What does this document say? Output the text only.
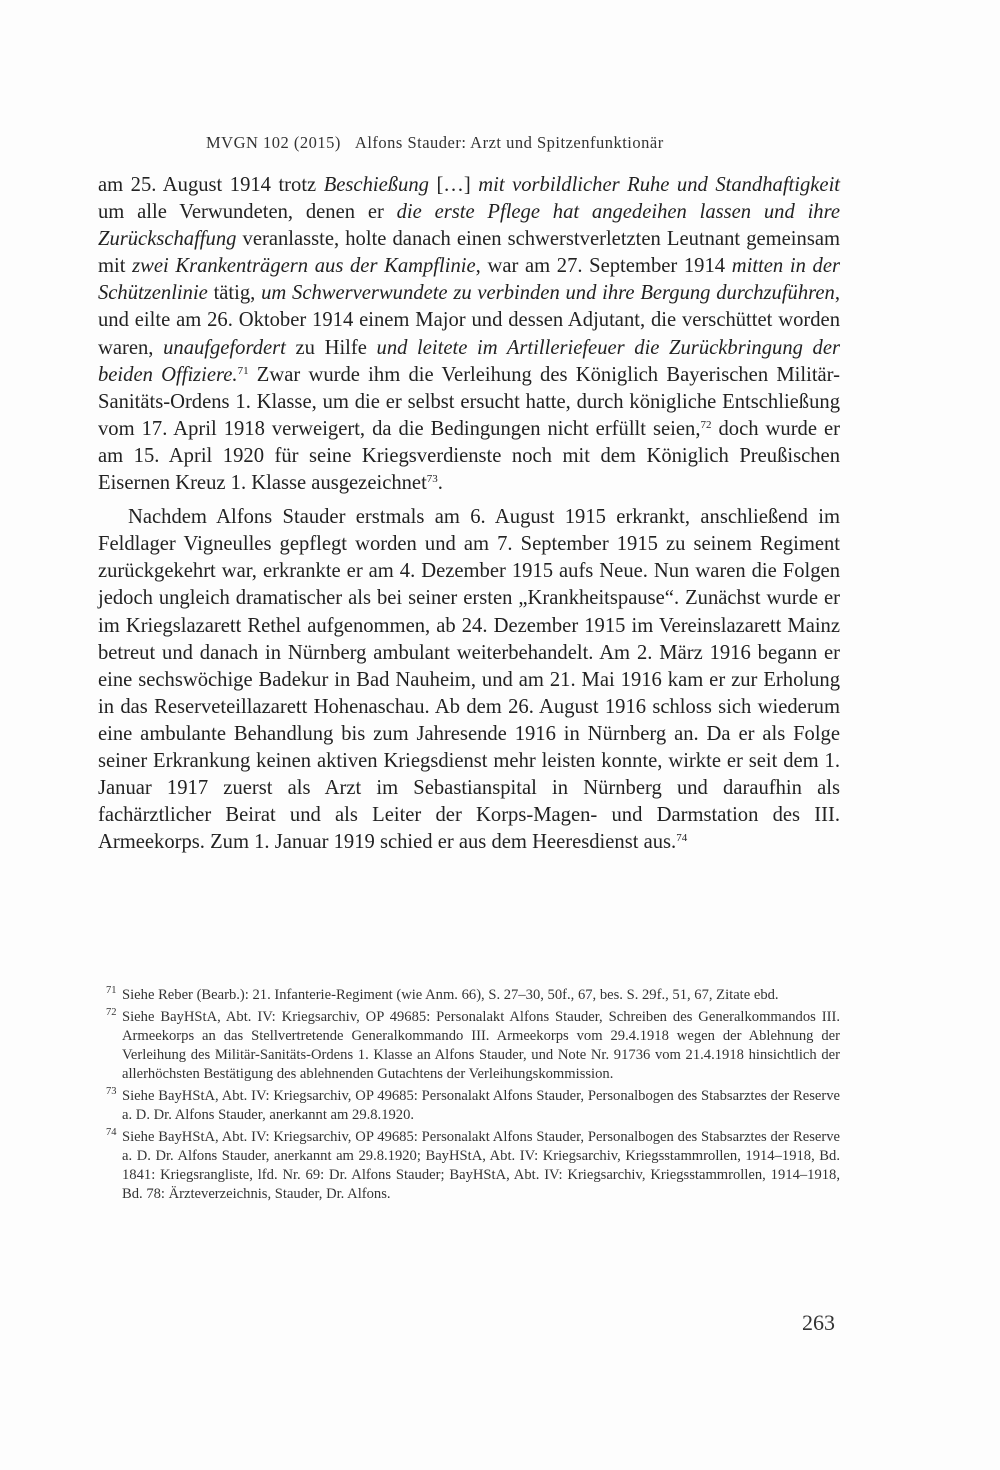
MVGN 102 (2015) Alfons Stauder: Arzt und Spitzenfunktionär

am 25. August 1914 trotz Beschießung […] mit vorbildlicher Ruhe und Standhaftigkeit um alle Verwundeten, denen er die erste Pflege hat angedeihen lassen und ihre Zurückschaffung veranlasste, holte danach einen schwerstverletzten Leutnant gemeinsam mit zwei Krankenträgern aus der Kampflinie, war am 27. September 1914 mitten in der Schützenlinie tätig, um Schwerverwundete zu verbinden und ihre Bergung durchzuführen, und eilte am 26. Oktober 1914 einem Major und dessen Adjutant, die verschüttet worden waren, unaufgefordert zu Hilfe und leitete im Artilleriefeuer die Zurückbringung der beiden Offiziere.$^{71}$ Zwar wurde ihm die Verleihung des Königlich Bayerischen Militär-Sanitäts-Ordens 1. Klasse, um die er selbst ersucht hatte, durch königliche Entschließung vom 17. April 1918 verweigert, da die Bedingungen nicht erfüllt seien,$^{72}$ doch wurde er am 15. April 1920 für seine Kriegsverdienste noch mit dem Königlich Preußischen Eisernen Kreuz 1. Klasse ausgezeichnet$^{73}$.

Nachdem Alfons Stauder erstmals am 6. August 1915 erkrankt, anschließend im Feldlager Vigneulles gepflegt worden und am 7. September 1915 zu seinem Regiment zurückgekehrt war, erkrankte er am 4. Dezember 1915 aufs Neue. Nun waren die Folgen jedoch ungleich dramatischer als bei seiner ersten „Krankheitspause“. Zunächst wurde er im Kriegslazarett Rethel aufgenommen, ab 24. Dezember 1915 im Vereinslazarett Mainz betreut und danach in Nürnberg ambulant weiterbehandelt. Am 2. März 1916 begann er eine sechswöchige Badekur in Bad Nauheim, und am 21. Mai 1916 kam er zur Erholung in das Reserveteillazarett Hohenaschau. Ab dem 26. August 1916 schloss sich wiederum eine ambulante Behandlung bis zum Jahresende 1916 in Nürnberg an. Da er als Folge seiner Erkrankung keinen aktiven Kriegsdienst mehr leisten konnte, wirkte er seit dem 1. Januar 1917 zuerst als Arzt im Sebastianspital in Nürnberg und daraufhin als fachärztlicher Beirat und als Leiter der Korps-Magen- und Darmstation des III. Armeekorps. Zum 1. Januar 1919 schied er aus dem Heeresdienst aus.$^{74}$

71 Siehe Reber (Bearb.): 21. Infanterie-Regiment (wie Anm. 66), S. 27–30, 50f., 67, bes. S. 29f., 51, 67, Zitate ebd.
72 Siehe BayHStA, Abt. IV: Kriegsarchiv, OP 49685: Personalakt Alfons Stauder, Schreiben des Generalkommandos III. Armeekorps an das Stellvertretende Generalkommando III. Armeekorps vom 29.4.1918 wegen der Ablehnung der Verleihung des Militär-Sanitäts-Ordens 1. Klasse an Alfons Stauder, und Note Nr. 91736 vom 21.4.1918 hinsichtlich der allerhöchsten Bestätigung des ablehnenden Gutachtens der Verleihungskommission.
73 Siehe BayHStA, Abt. IV: Kriegsarchiv, OP 49685: Personalakt Alfons Stauder, Personalbogen des Stabsarztes der Reserve a. D. Dr. Alfons Stauder, anerkannt am 29.8.1920.
74 Siehe BayHStA, Abt. IV: Kriegsarchiv, OP 49685: Personalakt Alfons Stauder, Personalbogen des Stabsarztes der Reserve a. D. Dr. Alfons Stauder, anerkannt am 29.8.1920; BayHStA, Abt. IV: Kriegsarchiv, Kriegsstammrollen, 1914–1918, Bd. 1841: Kriegsrangliste, lfd. Nr. 69: Dr. Alfons Stauder; BayHStA, Abt. IV: Kriegsarchiv, Kriegsstammrollen, 1914–1918, Bd. 78: Ärzteverzeichnis, Stauder, Dr. Alfons.
263
